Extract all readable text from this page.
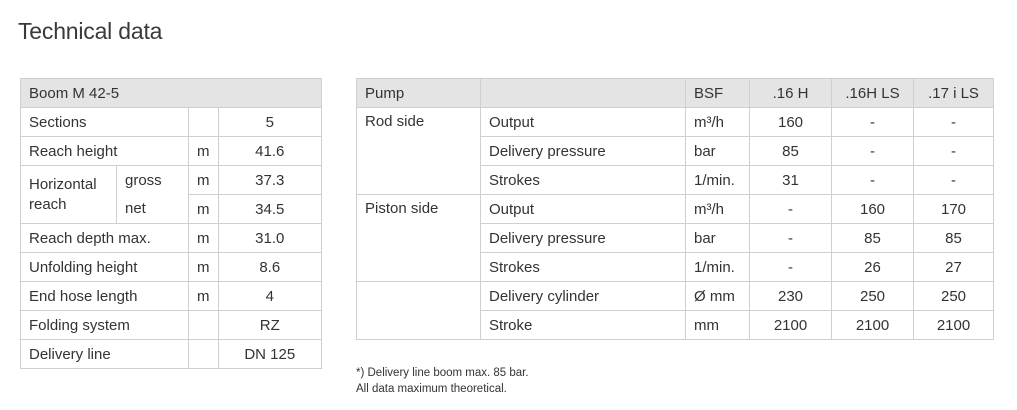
Technical data
Boom M 42-5			
Sections			5
Reach height		m	41.6
Horizontal reach	gross	m	37.3
	net	m	34.5
Reach depth max.		m	31.0
Unfolding height		m	8.6
End hose length		m	4
Folding system			RZ
Delivery line			DN 125
Pump		BSF	.16 H	.16H LS	.17 i LS
Rod side	Output	m³/h	160	-	-
	Delivery pressure	bar	85	-	-
	Strokes	1/min.	31	-	-
Piston side	Output	m³/h	-	160	170
	Delivery pressure	bar	-	85	85
	Strokes	1/min.	-	26	27
	Delivery cylinder	Ø mm	230	250	250
	Stroke	mm	2100	2100	2100
*) Delivery line boom max. 85 bar.
All data maximum theoretical.
